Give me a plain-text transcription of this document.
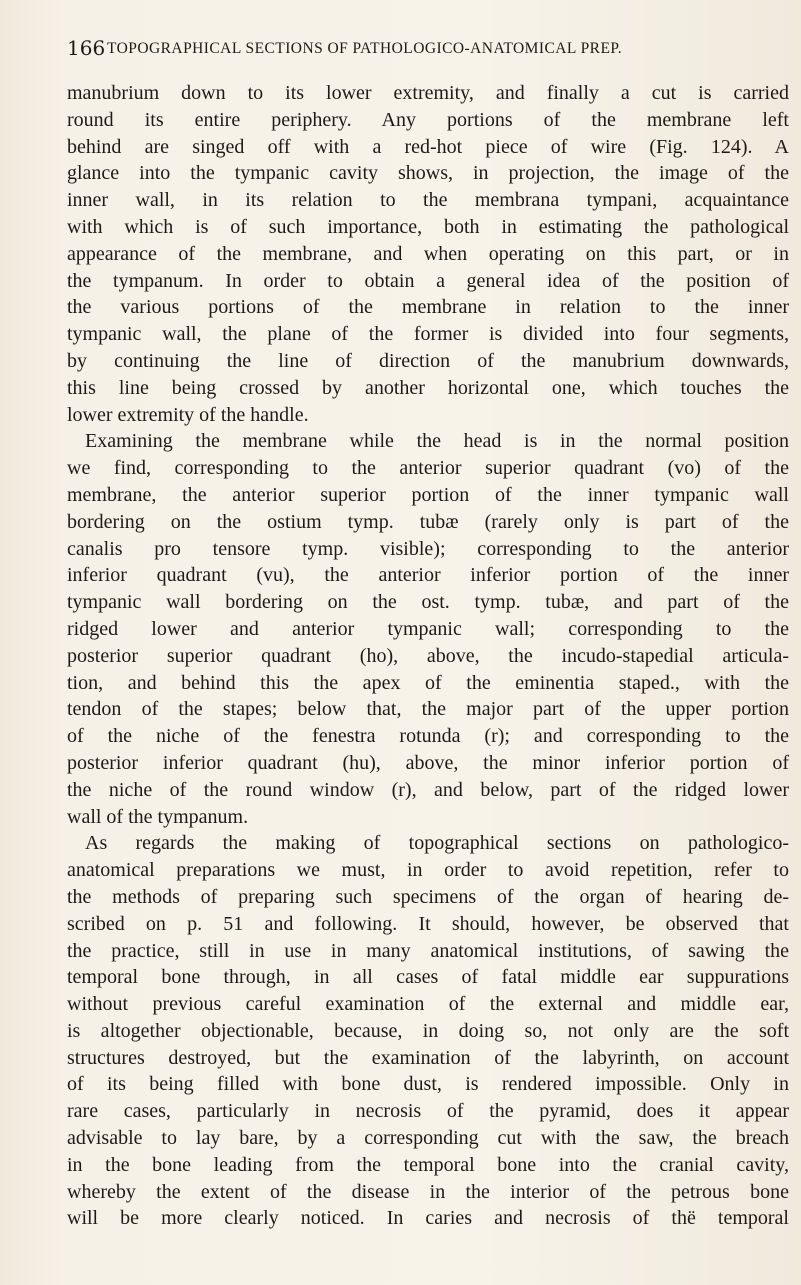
166 TOPOGRAPHICAL SECTIONS OF PATHOLOGICO-ANATOMICAL PREP.
manubrium down to its lower extremity, and finally a cut is carried
round its entire periphery. Any portions of the membrane left
behind are singed off with a red-hot piece of wire (Fig. 124). A
glance into the tympanic cavity shows, in projection, the image of the
inner wall, in its relation to the membrana tympani, acquaintance
with which is of such importance, both in estimating the pathological
appearance of the membrane, and when operating on this part, or in
the tympanum. In order to obtain a general idea of the position of
the various portions of the membrane in relation to the inner
tympanic wall, the plane of the former is divided into four segments,
by continuing the line of direction of the manubrium downwards,
this line being crossed by another horizontal one, which touches the
lower extremity of the handle.
Examining the membrane while the head is in the normal position
we find, corresponding to the anterior superior quadrant (vo) of the
membrane, the anterior superior portion of the inner tympanic wall
bordering on the ostium tymp. tubæ (rarely only is part of the
canalis pro tensore tymp. visible); corresponding to the anterior
inferior quadrant (vu), the anterior inferior portion of the inner
tympanic wall bordering on the ost. tymp. tubæ, and part of the
ridged lower and anterior tympanic wall; corresponding to the
posterior superior quadrant (ho), above, the incudo-stapedial articula-
tion, and behind this the apex of the eminentia staped., with the
tendon of the stapes; below that, the major part of the upper portion
of the niche of the fenestra rotunda (r); and corresponding to the
posterior inferior quadrant (hu), above, the minor inferior portion of
the niche of the round window (r), and below, part of the ridged lower
wall of the tympanum.
As regards the making of topographical sections on pathologico-
anatomical preparations we must, in order to avoid repetition, refer to
the methods of preparing such specimens of the organ of hearing de-
scribed on p. 51 and following. It should, however, be observed that
the practice, still in use in many anatomical institutions, of sawing the
temporal bone through, in all cases of fatal middle ear suppurations
without previous careful examination of the external and middle ear,
is altogether objectionable, because, in doing so, not only are the soft
structures destroyed, but the examination of the labyrinth, on account
of its being filled with bone dust, is rendered impossible. Only in
rare cases, particularly in necrosis of the pyramid, does it appear
advisable to lay bare, by a corresponding cut with the saw, the breach
in the bone leading from the temporal bone into the cranial cavity,
whereby the extent of the disease in the interior of the petrous bone
will be more clearly noticed. In caries and necrosis of thë temporal
